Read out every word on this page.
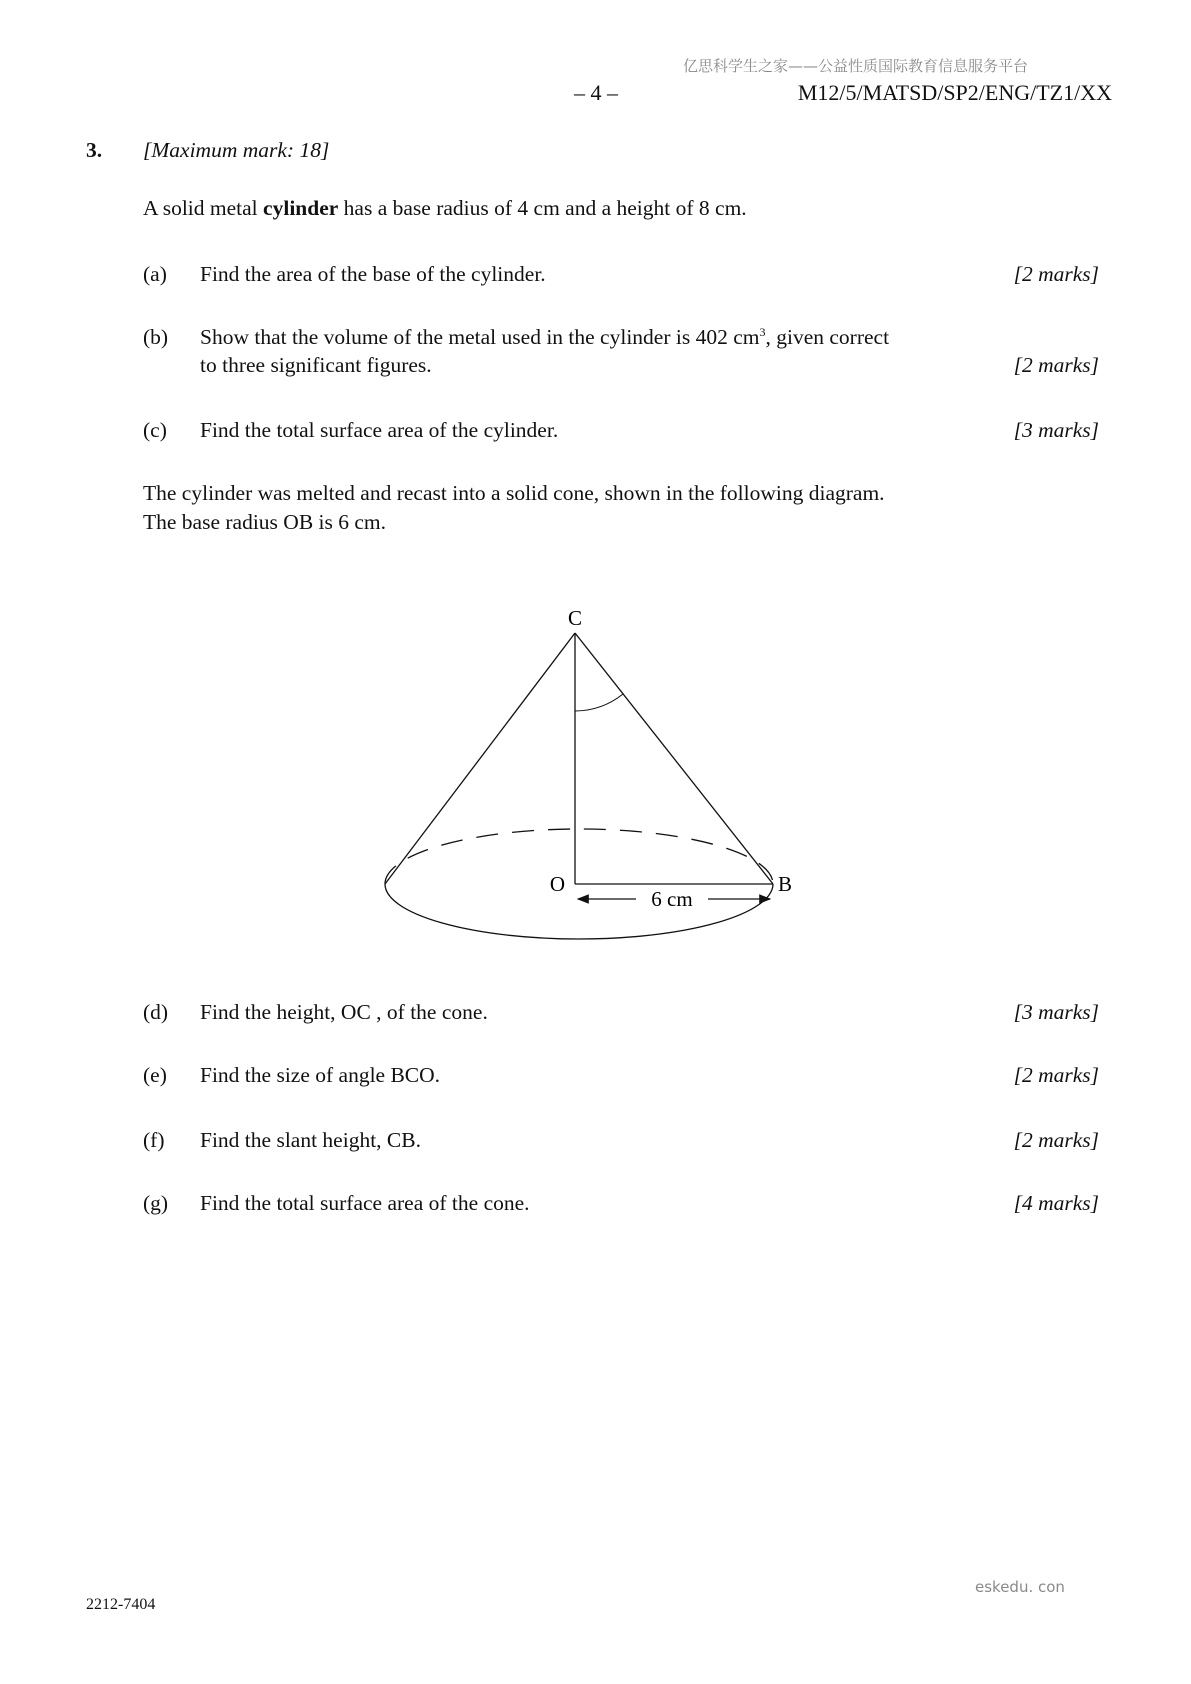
亿思科学生之家——公益性质国际教育信息服务平台
– 4 –	M12/5/MATSD/SP2/ENG/TZ1/XX
3. [Maximum mark: 18]
A solid metal cylinder has a base radius of 4 cm and a height of 8 cm.
(a) Find the area of the base of the cylinder.	[2 marks]
(b) Show that the volume of the metal used in the cylinder is 402 $cm^3$, given correct
to three significant figures.	[2 marks]
(c) Find the total surface area of the cylinder.	[3 marks]
The cylinder was melted and recast into a solid cone, shown in the following diagram.
The base radius OB is 6 cm.
C
O	B
6 cm
(d) Find the height, OC , of the cone.	[3 marks]
(e) Find the size of angle BCO.	[2 marks]
(f) Find the slant height, CB.	[2 marks]
(g) Find the total surface area of the cone.	[4 marks]
eskedu. con
2212-7404
